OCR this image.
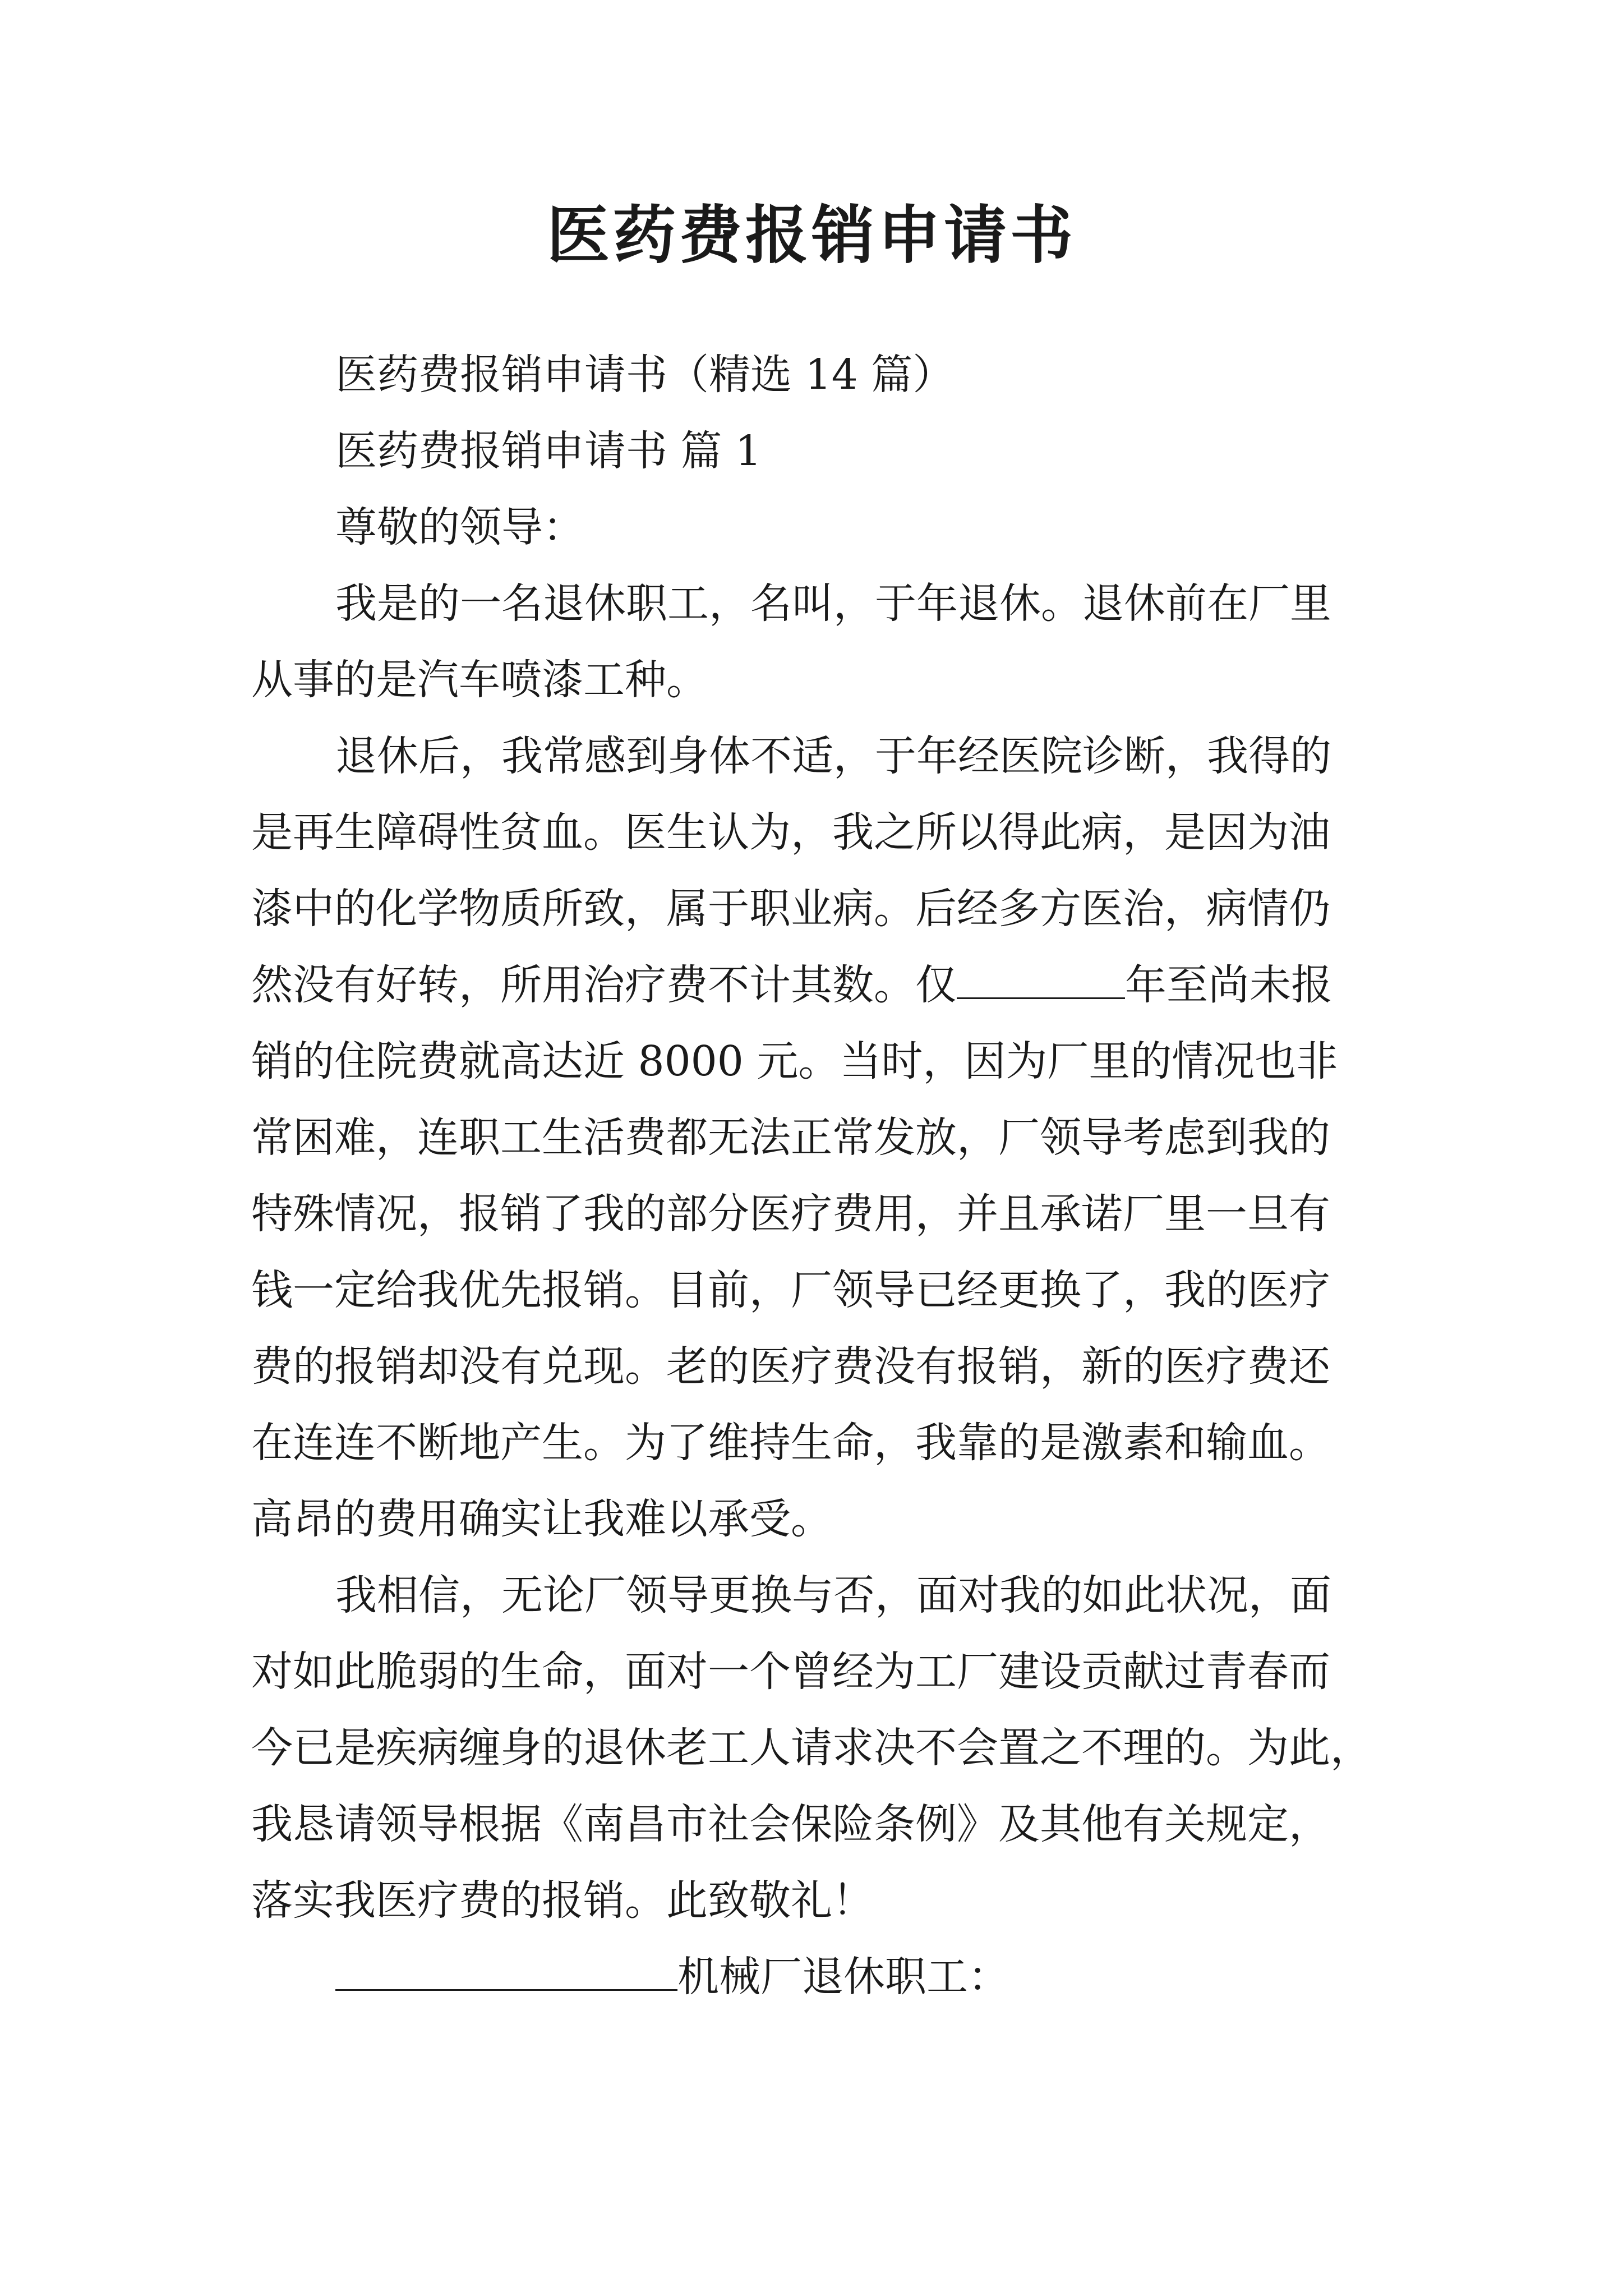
医药费报销申请书
医药费报销申请书（精选 14 篇）
医药费报销申请书 篇 1
尊敬的领导：
我是的一名退休职工，名叫，于年退休。退休前在厂里
从事的是汽车喷漆工种。
退休后，我常感到身体不适，于年经医院诊断，我得的
是再生障碍性贫血。医生认为，我之所以得此病，是因为油
漆中的化学物质所致，属于职业病。后经多方医治，病情仍
然没有好转，所用治疗费不计其数。仅	年至尚未报
销的住院费就高达近 8000 元。当时，因为厂里的情况也非
常困难，连职工生活费都无法正常发放，厂领导考虑到我的
特殊情况，报销了我的部分医疗费用，并且承诺厂里一旦有
钱一定给我优先报销。目前，厂领导已经更换了，我的医疗
费的报销却没有兑现。老的医疗费没有报销，新的医疗费还
在连连不断地产生。为了维持生命，我靠的是激素和输血。
高昂的费用确实让我难以承受。
我相信，无论厂领导更换与否，面对我的如此状况，面
对如此脆弱的生命，面对一个曾经为工厂建设贡献过青春而
今已是疾病缠身的退休老工人请求决不会置之不理的。为此，
我恳请领导根据《南昌市社会保险条例》及其他有关规定，
落实我医疗费的报销。此致敬礼！
机械厂退休职工：
